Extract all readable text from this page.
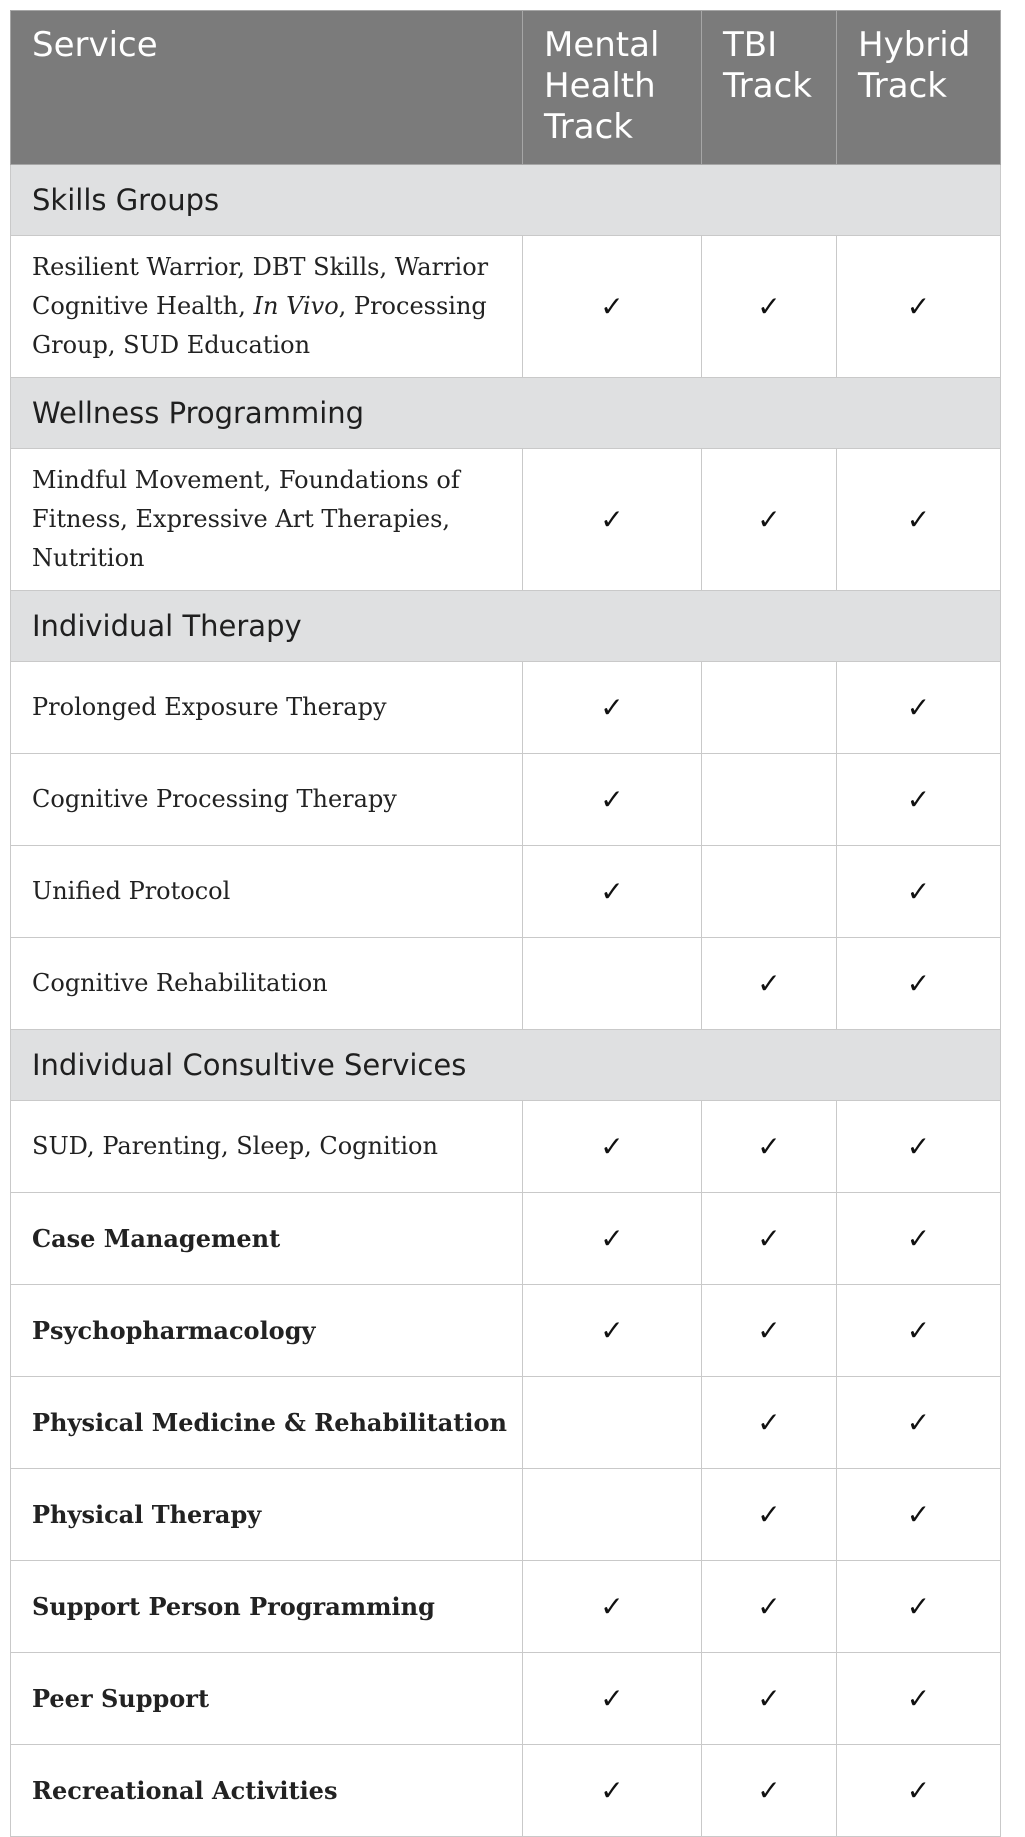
Service	Mental Health Track	TBI Track	Hybrid Track
Skills Groups			
Resilient Warrior, DBT Skills, Warrior Cognitive Health, In Vivo, Processing Group, SUD Education	✓	✓	✓
Wellness Programming			
Mindful Movement, Foundations of Fitness, Expressive Art Therapies, Nutrition	✓	✓	✓
Individual Therapy			
Prolonged Exposure Therapy	✓		✓
Cognitive Processing Therapy	✓		✓
Unified Protocol	✓		✓
Cognitive Rehabilitation		✓	✓
Individual Consultive Services			
SUD, Parenting, Sleep, Cognition	✓	✓	✓
Case Management	✓	✓	✓
Psychopharmacology	✓	✓	✓
Physical Medicine & Rehabilitation		✓	✓
Physical Therapy		✓	✓
Support Person Programming	✓	✓	✓
Peer Support	✓	✓	✓
Recreational Activities	✓	✓	✓
